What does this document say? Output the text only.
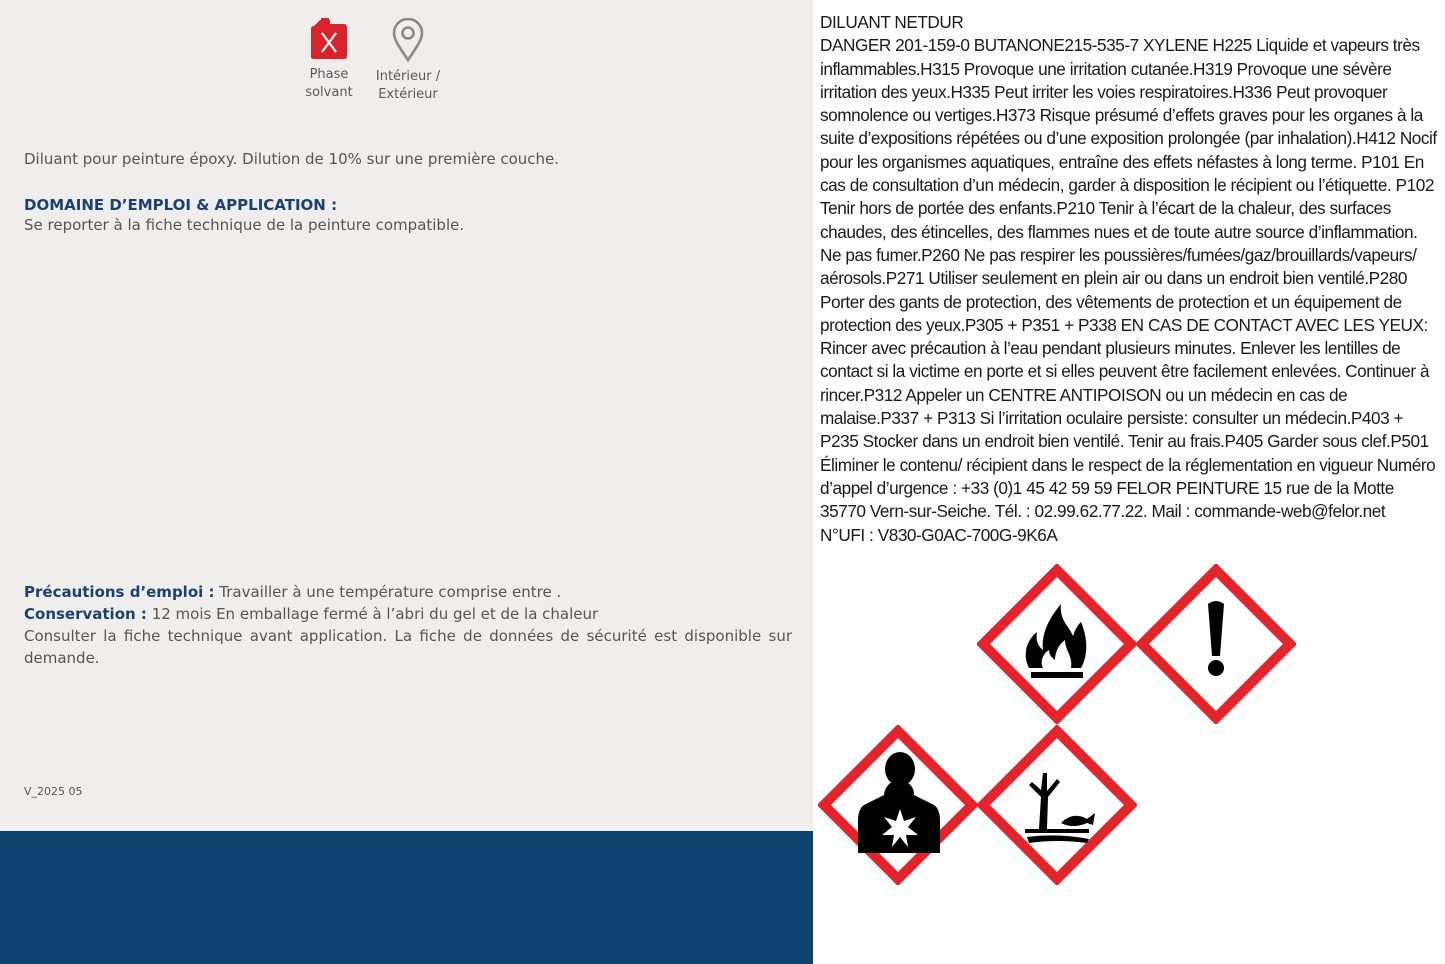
Phase
solvant
Intérieur /
Extérieur
Diluant pour peinture époxy. Dilution de 10% sur une première couche.
DOMAINE D’EMPLOI & APPLICATION :
Se reporter à la fiche technique de la peinture compatible.
Précautions d’emploi : Travailler à une température comprise entre .
Conservation : 12 mois En emballage fermé à l’abri du gel et de la chaleur
Consulter la fiche technique avant application. La fiche de données de sécurité est disponible sur demande.
V_2025 05
DILUANT NETDUR
DANGER 201-159-0 BUTANONE215-535-7 XYLENE H225 Liquide et vapeurs très inflammables.H315 Provoque une irritation cutanée.H319 Provoque une sévère irritation des yeux.H335 Peut irriter les voies respiratoires.H336 Peut provoquer somnolence ou vertiges.H373 Risque présumé d’effets graves pour les organes à la suite d’expositions répétées ou d’une exposition prolongée (par inhalation).H412 Nocif pour les organismes aquatiques, entraîne des effets néfastes à long terme. P101 En cas de consultation d’un médecin, garder à disposition le récipient ou l’étiquette. P102 Tenir hors de portée des enfants.P210 Tenir à l’écart de la chaleur, des surfaces chaudes, des étincelles, des flammes nues et de toute autre source d’inflammation. Ne pas fumer.P260 Ne pas respirer les poussières/fumées/gaz/brouillards/vapeurs/ aérosols.P271 Utiliser seulement en plein air ou dans un endroit bien ventilé.P280 Porter des gants de protection, des vêtements de protection et un équipement de protection des yeux.P305 + P351 + P338 EN CAS DE CONTACT AVEC LES YEUX: Rincer avec précaution à l’eau pendant plusieurs minutes. Enlever les lentilles de contact si la victime en porte et si elles peuvent être facilement enlevées. Continuer à rincer.P312 Appeler un CENTRE ANTIPOISON ou un médecin en cas de malaise.P337 + P313 Si l’irritation oculaire persiste: consulter un médecin.P403 + P235 Stocker dans un endroit bien ventilé. Tenir au frais.P405 Garder sous clef.P501 Éliminer le contenu/ récipient dans le respect de la réglementation en vigueur Numéro d’appel d’urgence : +33 (0)1 45 42 59 59 FELOR PEINTURE 15 rue de la Motte 35770 Vern-sur-Seiche. Tél. : 02.99.62.77.22. Mail : commande-web@felor.net
N°UFI : V830-G0AC-700G-9K6A
